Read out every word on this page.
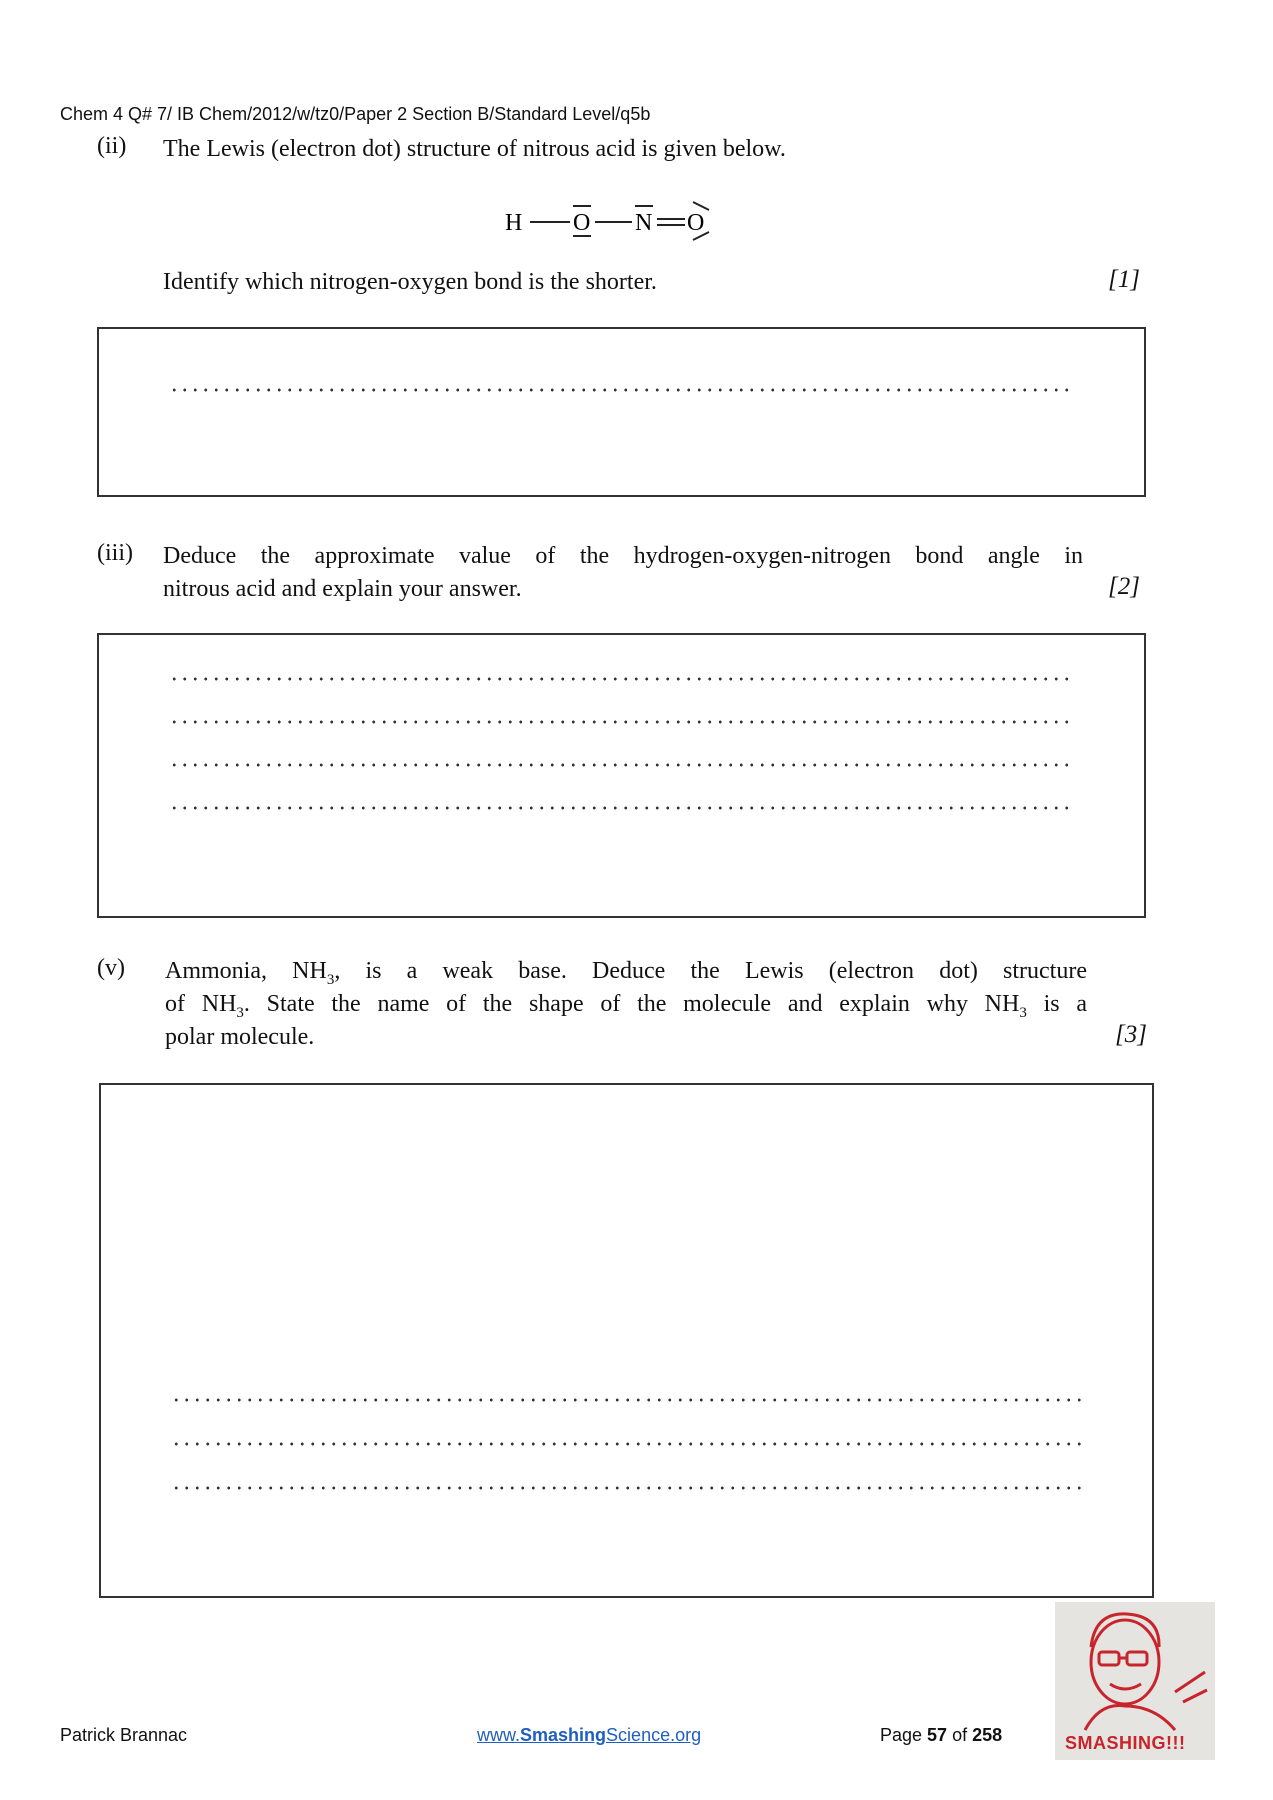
Chem 4 Q# 7/ IB Chem/2012/w/tz0/Paper 2 Section B/Standard Level/q5b
(ii) The Lewis (electron dot) structure of nitrous acid is given below.
H O N O
Identify which nitrogen-oxygen bond is the shorter.	[1]
(iii) Deduce the approximate value of the hydrogen-oxygen-nitrogen bond angle in
nitrous acid and explain your answer.	[2]
(v) Ammonia, $NH_3$, is a weak base. Deduce the Lewis (electron dot) structure
of $NH_3$. State the name of the shape of the molecule and explain why $NH_3$ is a
polar molecule.	[3]
Patrick Brannac	www.SmashingScience.org	Page 57 of 258	SMASHING!!!
